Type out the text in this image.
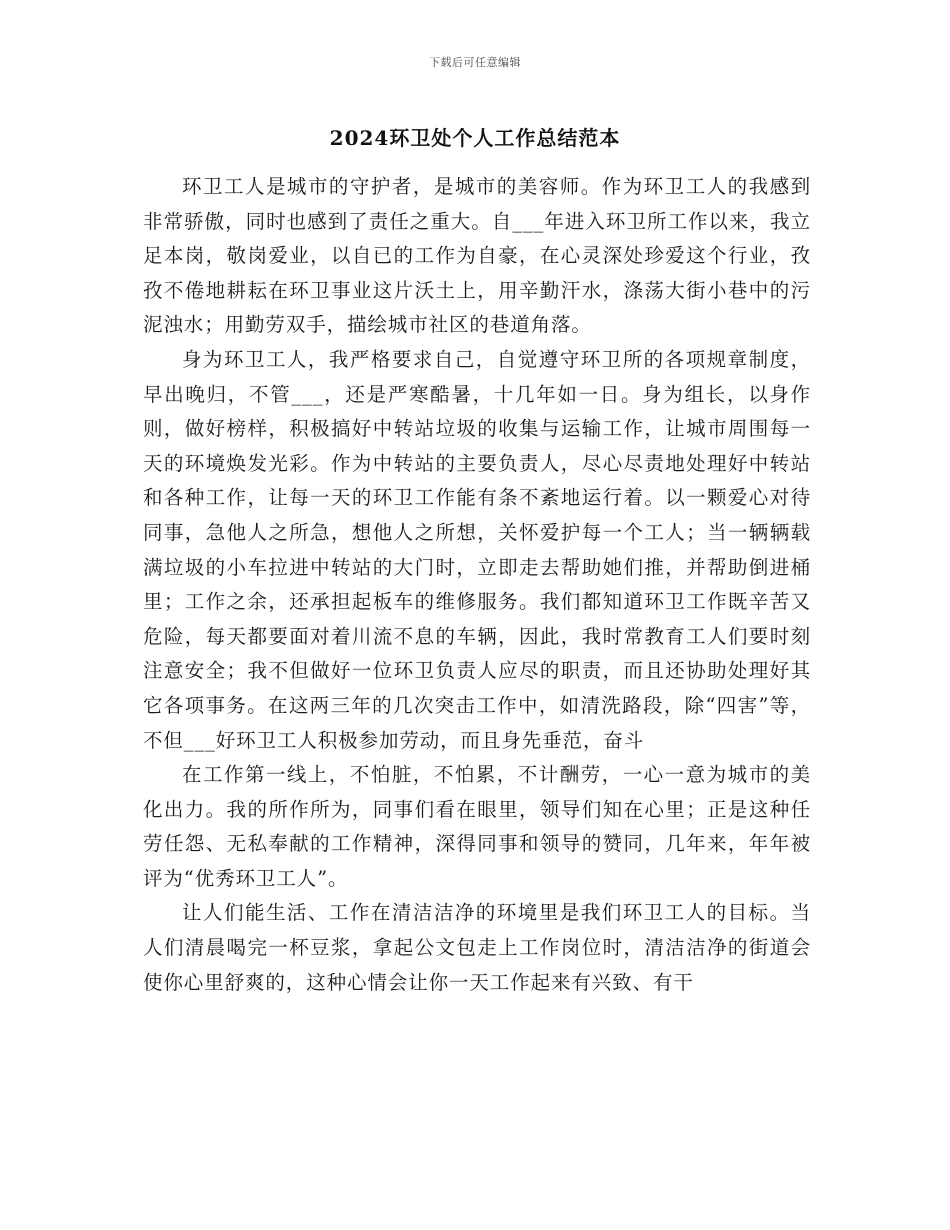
下载后可任意编辑
2024环卫处个人工作总结范本

环卫工人是城市的守护者，是城市的美容师。作为环卫工人的我感到非常骄傲，同时也感到了责任之重大。自___年进入环卫所工作以来，我立足本岗，敬岗爱业，以自已的工作为自豪，在心灵深处珍爱这个行业，孜孜不倦地耕耘在环卫事业这片沃土上，用辛勤汗水，涤荡大街小巷中的污泥浊水；用勤劳双手，描绘城市社区的巷道角落。

身为环卫工人，我严格要求自己，自觉遵守环卫所的各项规章制度，早出晚归，不管___，还是严寒酷暑，十几年如一日。身为组长，以身作则，做好榜样，积极搞好中转站垃圾的收集与运输工作，让城市周围每一天的环境焕发光彩。作为中转站的主要负责人，尽心尽责地处理好中转站和各种工作，让每一天的环卫工作能有条不紊地运行着。以一颗爱心对待同事，急他人之所急，想他人之所想，关怀爱护每一个工人；当一辆辆载满垃圾的小车拉进中转站的大门时，立即走去帮助她们推，并帮助倒进桶里；工作之余，还承担起板车的维修服务。我们都知道环卫工作既辛苦又危险，每天都要面对着川流不息的车辆，因此，我时常教育工人们要时刻注意安全；我不但做好一位环卫负责人应尽的职责，而且还协助处理好其它各项事务。在这两三年的几次突击工作中，如清洗路段，除“四害”等，不但___好环卫工人积极参加劳动，而且身先垂范，奋斗

在工作第一线上，不怕脏，不怕累，不计酬劳，一心一意为城市的美化出力。我的所作所为，同事们看在眼里，领导们知在心里；正是这种任劳任怨、无私奉献的工作精神，深得同事和领导的赞同，几年来，年年被评为“优秀环卫工人”。

让人们能生活、工作在清洁洁净的环境里是我们环卫工人的目标。当人们清晨喝完一杯豆浆，拿起公文包走上工作岗位时，清洁洁净的街道会使你心里舒爽的，这种心情会让你一天工作起来有兴致、有干
